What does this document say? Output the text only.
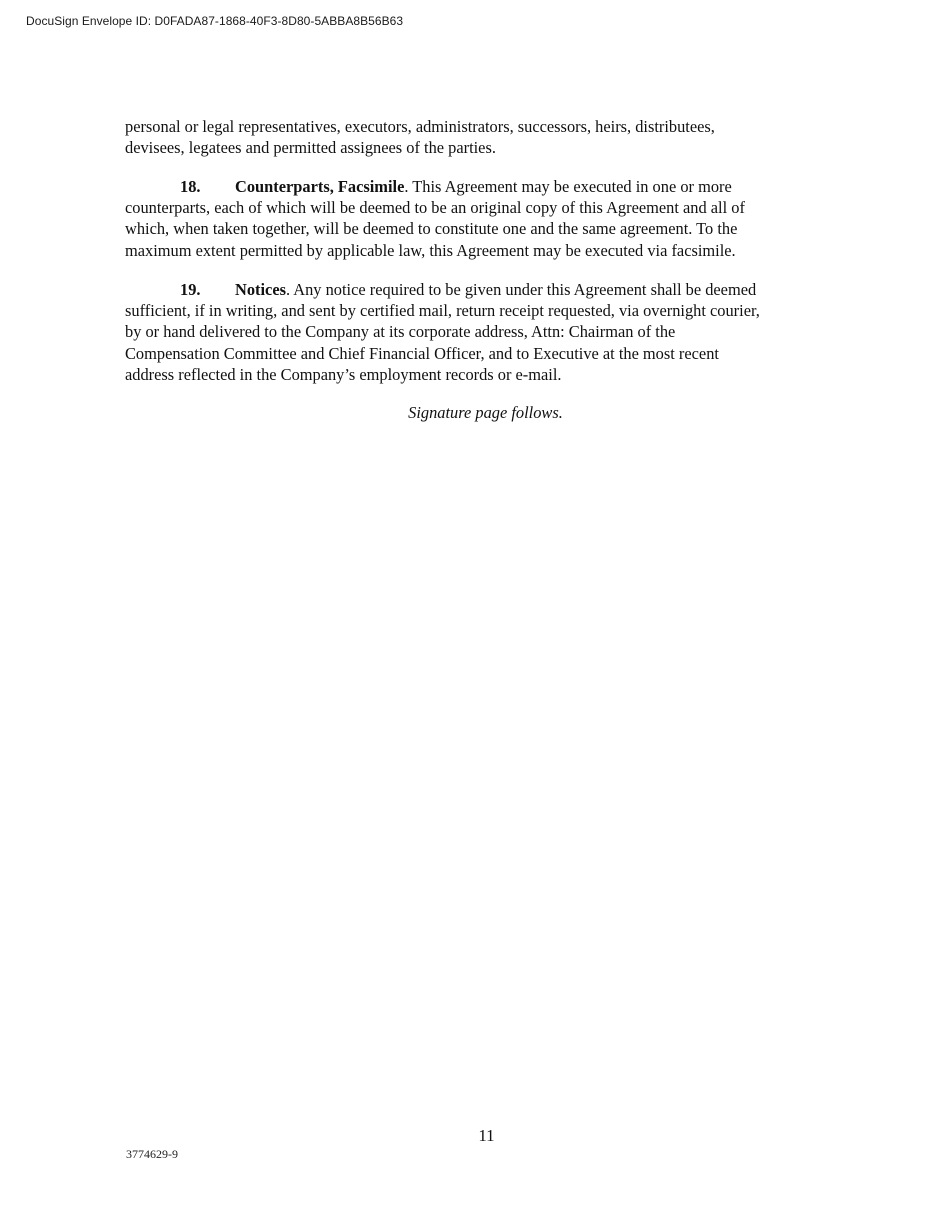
DocuSign Envelope ID: D0FADA87-1868-40F3-8D80-5ABBA8B56B63
personal or legal representatives, executors, administrators, successors, heirs, distributees,
devisees, legatees and permitted assignees of the parties.
18. Counterparts, Facsimile. This Agreement may be executed in one or more
counterparts, each of which will be deemed to be an original copy of this Agreement and all of
which, when taken together, will be deemed to constitute one and the same agreement. To the
maximum extent permitted by applicable law, this Agreement may be executed via facsimile.
19. Notices. Any notice required to be given under this Agreement shall be deemed
sufficient, if in writing, and sent by certified mail, return receipt requested, via overnight courier,
by or hand delivered to the Company at its corporate address, Attn: Chairman of the
Compensation Committee and Chief Financial Officer, and to Executive at the most recent
address reflected in the Company’s employment records or e-mail.
Signature page follows.
11
3774629-9
